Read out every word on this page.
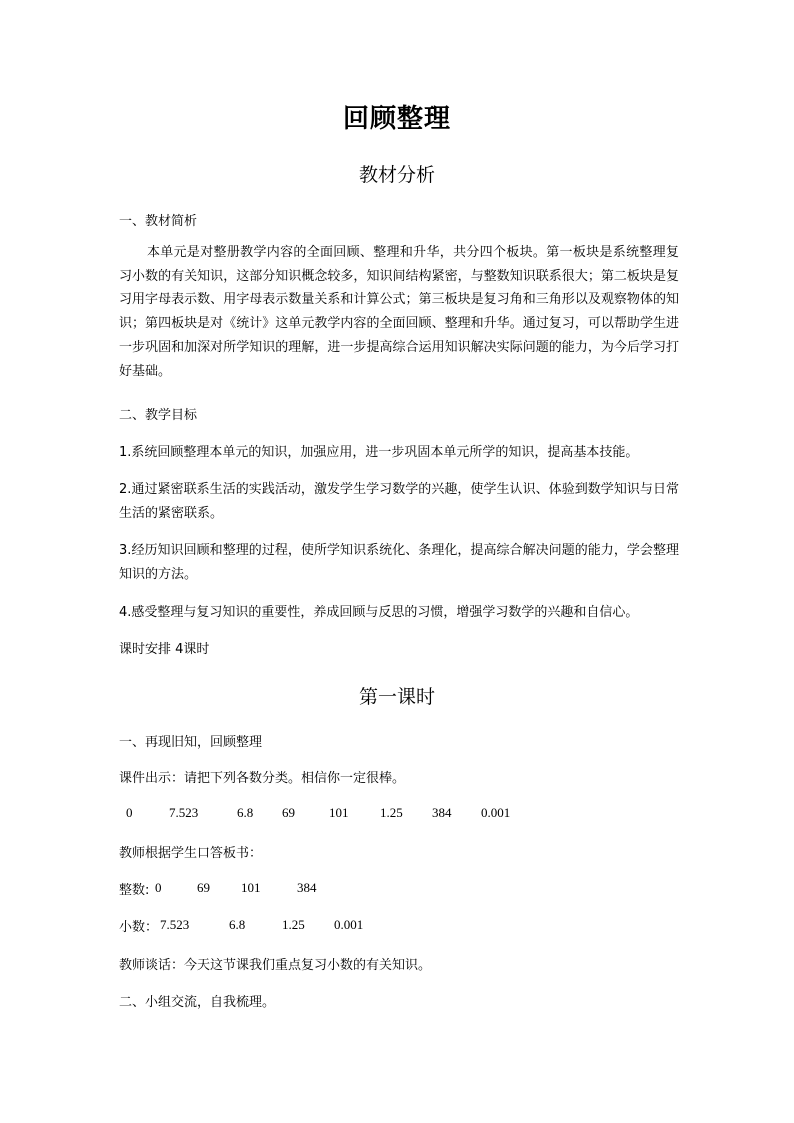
回顾整理
教材分析
一、教材简析
本单元是对整册教学内容的全面回顾、整理和升华，共分四个板块。第一板块是系统整理复习小数的有关知识，这部分知识概念较多，知识间结构紧密，与整数知识联系很大；第二板块是复习用字母表示数、用字母表示数量关系和计算公式；第三板块是复习角和三角形以及观察物体的知识；第四板块是对《统计》这单元教学内容的全面回顾、整理和升华。通过复习，可以帮助学生进一步巩固和加深对所学知识的理解，进一步提高综合运用知识解决实际问题的能力，为今后学习打好基础。
二、教学目标
1.系统回顾整理本单元的知识，加强应用，进一步巩固本单元所学的知识，提高基本技能。
2.通过紧密联系生活的实践活动，激发学生学习数学的兴趣，使学生认识、体验到数学知识与日常生活的紧密联系。
3.经历知识回顾和整理的过程，使所学知识系统化、条理化，提高综合解决问题的能力，学会整理知识的方法。
4.感受整理与复习知识的重要性，养成回顾与反思的习惯，增强学习数学的兴趣和自信心。
课时安排 4课时
第一课时
一、再现旧知，回顾整理
课件出示：请把下列各数分类。相信你一定很棒。
0	7.523	6.8 69	101 1.25 384 0.001
教师根据学生口答板书：
整数: 0	69 101	384
小数： 7.523	6.8	1.25 0.001
教师谈话：今天这节课我们重点复习小数的有关知识。
二、小组交流，自我梳理。
